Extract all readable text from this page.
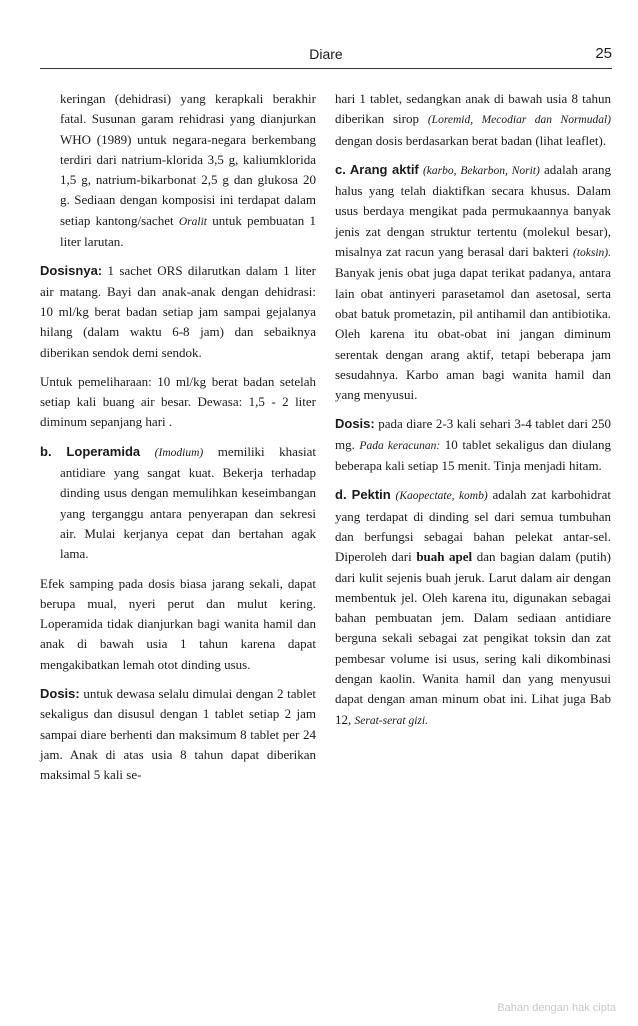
Diare	25

keringan (dehidrasi) yang kerapkali berakhir fatal. Susunan garam rehidrasi yang dianjurkan WHO (1989) untuk negara-negara berkembang terdiri dari natrium-klorida 3,5 g, kaliumklorida 1,5 g, natrium-bikarbonat 2,5 g dan glukosa 20 g. Sediaan dengan komposisi ini terdapat dalam setiap kantong/sachet Oralit untuk pembuatan 1 liter larutan.

Dosisnya: 1 sachet ORS dilarutkan dalam 1 liter air matang. Bayi dan anak-anak dengan dehidrasi: 10 ml/kg berat badan setiap jam sampai gejalanya hilang (dalam waktu 6-8 jam) dan sebaiknya diberikan sendok demi sendok.

Untuk pemeliharaan: 10 ml/kg berat badan setelah setiap kali buang air besar. Dewasa: 1,5 - 2 liter diminum sepanjang hari .

b. Loperamida (Imodium) memiliki khasiat antidiare yang sangat kuat. Bekerja terhadap dinding usus dengan memulihkan keseimbangan yang terganggu antara penyerapan dan sekresi air. Mulai kerjanya cepat dan bertahan agak lama.

Efek samping pada dosis biasa jarang sekali, dapat berupa mual, nyeri perut dan mulut kering. Loperamida tidak dianjurkan bagi wanita hamil dan anak di bawah usia 1 tahun karena dapat mengakibatkan lemah otot dinding usus.

Dosis: untuk dewasa selalu dimulai dengan 2 tablet sekaligus dan disusul dengan 1 tablet setiap 2 jam sampai diare berhenti dan maksimum 8 tablet per 24 jam. Anak di atas usia 8 tahun dapat diberikan maksimal 5 kali se-

hari 1 tablet, sedangkan anak di bawah usia 8 tahun diberikan sirop (Loremid, Mecodiar dan Normudal) dengan dosis berdasarkan berat badan (lihat leaflet).

c. Arang aktif (karbo, Bekarbon, Norit) adalah arang halus yang telah diaktifkan secara khusus. Dalam usus berdaya mengikat pada permukaannya banyak jenis zat dengan struktur tertentu (molekul besar), misalnya zat racun yang berasal dari bakteri (toksin). Banyak jenis obat juga dapat terikat padanya, antara lain obat antinyeri parasetamol dan asetosal, serta obat batuk prometazin, pil antihamil dan antibiotika. Oleh karena itu obat-obat ini jangan diminum serentak dengan arang aktif, tetapi beberapa jam sesudahnya. Karbo aman bagi wanita hamil dan yang menyusui.

Dosis: pada diare 2-3 kali sehari 3-4 tablet dari 250 mg. Pada keracunan: 10 tablet sekaligus dan diulang beberapa kali setiap 15 menit. Tinja menjadi hitam.

d. Pektin (Kaopectate, komb) adalah zat karbohidrat yang terdapat di dinding sel dari semua tumbuhan dan berfungsi sebagai bahan pelekat antar-sel. Diperoleh dari buah apel dan bagian dalam (putih) dari kulit sejenis buah jeruk. Larut dalam air dengan membentuk jel. Oleh karena itu, digunakan sebagai bahan pembuatan jem. Dalam sediaan antidiare berguna sekali sebagai zat pengikat toksin dan zat pembesar volume isi usus, sering kali dikombinasi dengan kaolin. Wanita hamil dan yang menyusui dapat dengan aman minum obat ini. Lihat juga Bab 12, Serat-serat gizi.

Bahan dengan hak cipta
